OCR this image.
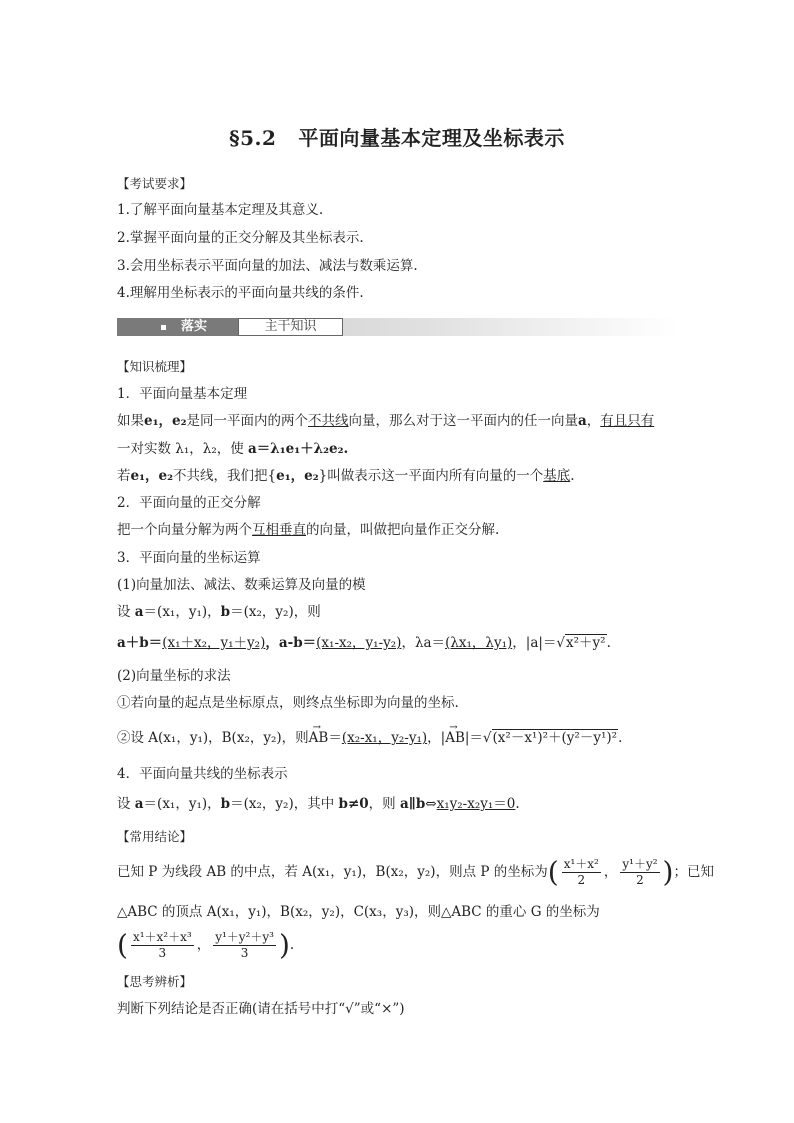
§5.2 平面向量基本定理及坐标表示
【考试要求】
1.了解平面向量基本定理及其意义.
2.掌握平面向量的正交分解及其坐标表示.
3.会用坐标表示平面向量的加法、减法与数乘运算.
4.理解用坐标表示的平面向量共线的条件.
落实	主干知识
【知识梳理】
1．平面向量基本定理
如果e₁，e₂是同一平面内的两个不共线向量，那么对于这一平面内的任一向量a，有且只有
一对实数 λ₁，λ₂，使 a＝λ₁e₁＋λ₂e₂.
若e₁，e₂不共线，我们把{e₁，e₂}叫做表示这一平面内所有向量的一个基底.
2．平面向量的正交分解
把一个向量分解为两个互相垂直的向量，叫做把向量作正交分解.
3．平面向量的坐标运算
(1)向量加法、减法、数乘运算及向量的模
设 a＝(x₁，y₁)，b＝(x₂，y₂)，则
a＋b＝(x₁＋x₂，y₁＋y₂)，a-b＝(x₁-x₂，y₁-y₂)，λa＝(λx₁，λy₁)，|a|＝√x²＋y².
(2)向量坐标的求法
①若向量的起点是坐标原点，则终点坐标即为向量的坐标.
②设 A(x₁，y₁)，B(x₂，y₂)，则→ AB＝(x₂-x₁，y₂-y₁)，|→ AB|＝√(x²－x¹)²＋(y²－y¹)².
4．平面向量共线的坐标表示
设 a＝(x₁，y₁)，b＝(x₂，y₂)，其中 b≠0，则 a∥b⇔x₁y₂-x₂y₁＝0.
【常用结论】
已知 P 为线段 AB 的中点，若 A(x₁，y₁)，B(x₂，y₂)，则点 P 的坐标为( $\frac{\text{x¹＋x²}}{2}$ ， $\frac{\text{y¹＋y²}}{2}$ )；已知
△ABC 的顶点 A(x₁，y₁)，B(x₂，y₂)，C(x₃，y₃)，则△ABC 的重心 G 的坐标为
( $\frac{\text{x¹＋x²＋x³}}{3}$ ， $\frac{\text{y¹＋y²＋y³}}{3}$ ).
【思考辨析】
判断下列结论是否正确(请在括号中打“√”或“×”)
